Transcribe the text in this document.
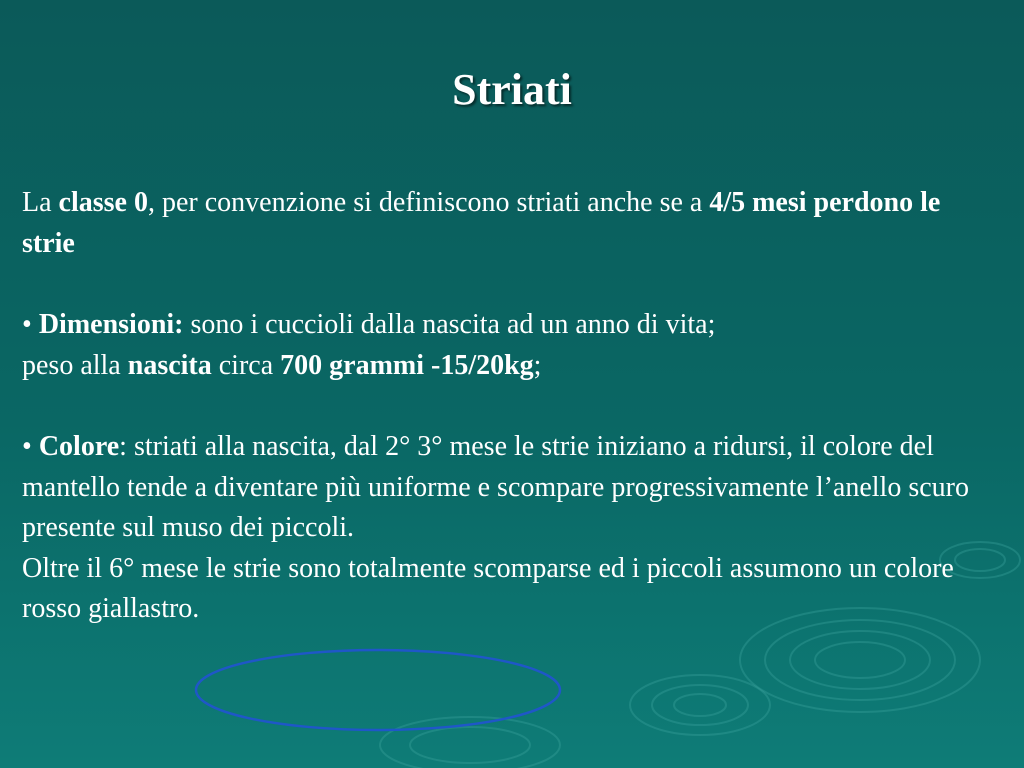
Striati

La classe 0, per convenzione si definiscono striati anche se a 4/5 mesi perdono le strie

• Dimensioni: sono i cuccioli dalla nascita ad un anno di vita;

peso alla nascita circa 700 grammi -15/20kg;

• Colore: striati alla nascita, dal 2° 3° mese le strie iniziano a ridursi, il colore del mantello tende a diventare più uniforme e scompare progressivamente l’anello scuro presente sul muso dei piccoli.

Oltre il 6° mese le strie sono totalmente scomparse ed i piccoli assumono un colore rosso giallastro.
